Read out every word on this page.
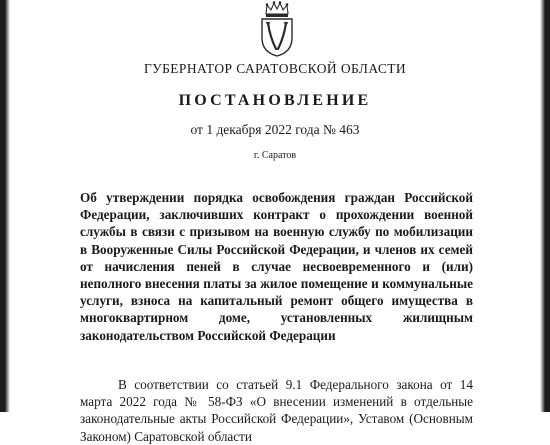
ГУБЕРНАТОР САРАТОВСКОЙ ОБЛАСТИ
ПОСТАНОВЛЕНИЕ
от 1 декабря 2022 года № 463
г. Саратов

Об утверждении порядка освобождения граждан Российской Федерации, заключивших контракт о прохождении военной службы в связи с призывом на военную службу по мобилизации в Вооруженные Силы Российской Федерации, и членов их семей от начисления пеней в случае несвоевременного и (или) неполного внесения платы за жилое помещение и коммунальные услуги, взноса на капитальный ремонт общего имущества в многоквартирном доме, установленных жилищным законодательством Российской Федерации

В соответствии со статьей 9.1 Федерального закона от 14 марта 2022 года № 58-ФЗ «О внесении изменений в отдельные законодательные акты Российской Федерации», Уставом (Основным Законом) Саратовской области
